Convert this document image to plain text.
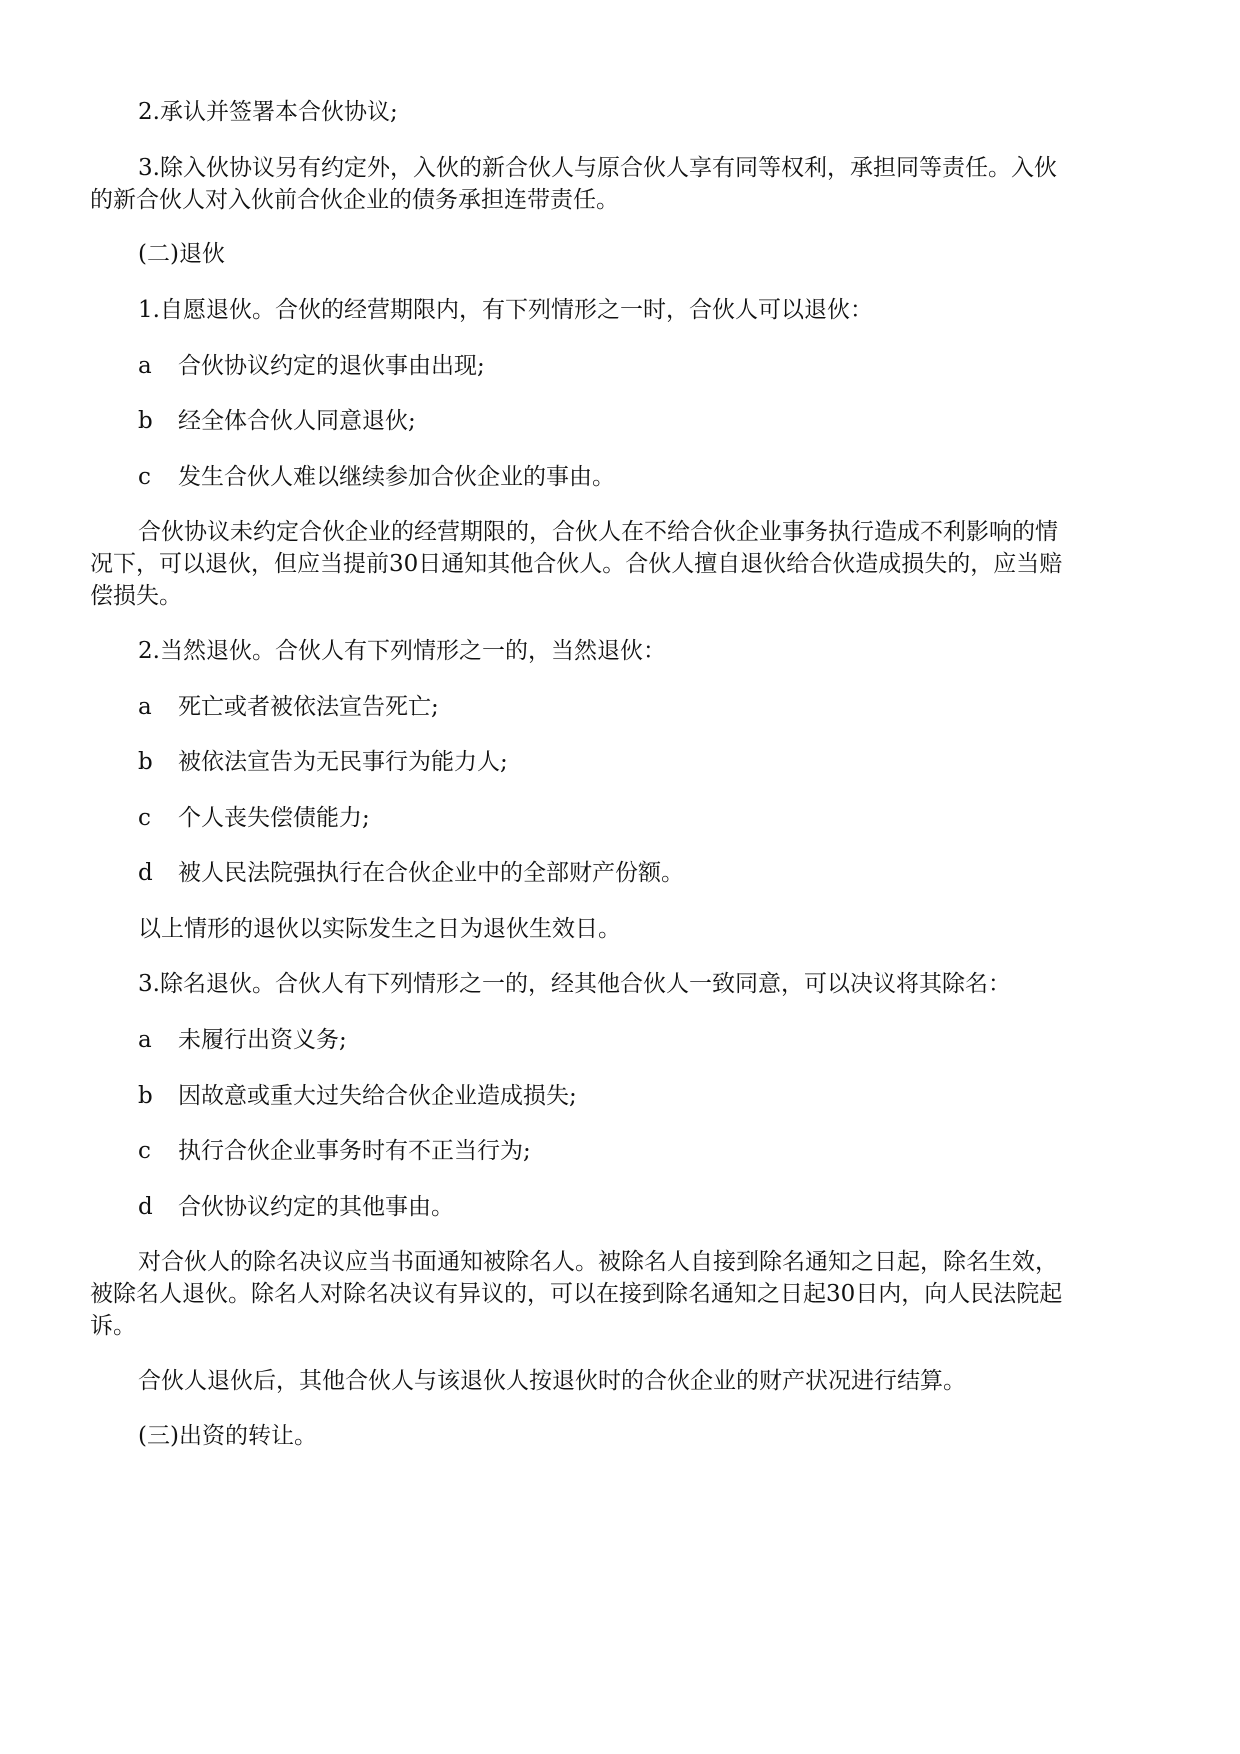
2.承认并签署本合伙协议;

3.除入伙协议另有约定外，入伙的新合伙人与原合伙人享有同等权利，承担同等责任。入伙

的新合伙人对入伙前合伙企业的债务承担连带责任。

(二)退伙

1.自愿退伙。合伙的经营期限内，有下列情形之一时，合伙人可以退伙：

a 合伙协议约定的退伙事由出现;

b 经全体合伙人同意退伙;

c 发生合伙人难以继续参加合伙企业的事由。

合伙协议未约定合伙企业的经营期限的，合伙人在不给合伙企业事务执行造成不利影响的情

况下，可以退伙，但应当提前30日通知其他合伙人。合伙人擅自退伙给合伙造成损失的，应当赔

偿损失。

2.当然退伙。合伙人有下列情形之一的，当然退伙：

a 死亡或者被依法宣告死亡;

b 被依法宣告为无民事行为能力人;

c 个人丧失偿债能力;

d 被人民法院强执行在合伙企业中的全部财产份额。

以上情形的退伙以实际发生之日为退伙生效日。

3.除名退伙。合伙人有下列情形之一的，经其他合伙人一致同意，可以决议将其除名：

a 未履行出资义务;

b 因故意或重大过失给合伙企业造成损失;

c 执行合伙企业事务时有不正当行为;

d 合伙协议约定的其他事由。

对合伙人的除名决议应当书面通知被除名人。被除名人自接到除名通知之日起，除名生效，

被除名人退伙。除名人对除名决议有异议的，可以在接到除名通知之日起30日内，向人民法院起

诉。

合伙人退伙后，其他合伙人与该退伙人按退伙时的合伙企业的财产状况进行结算。

(三)出资的转让。
